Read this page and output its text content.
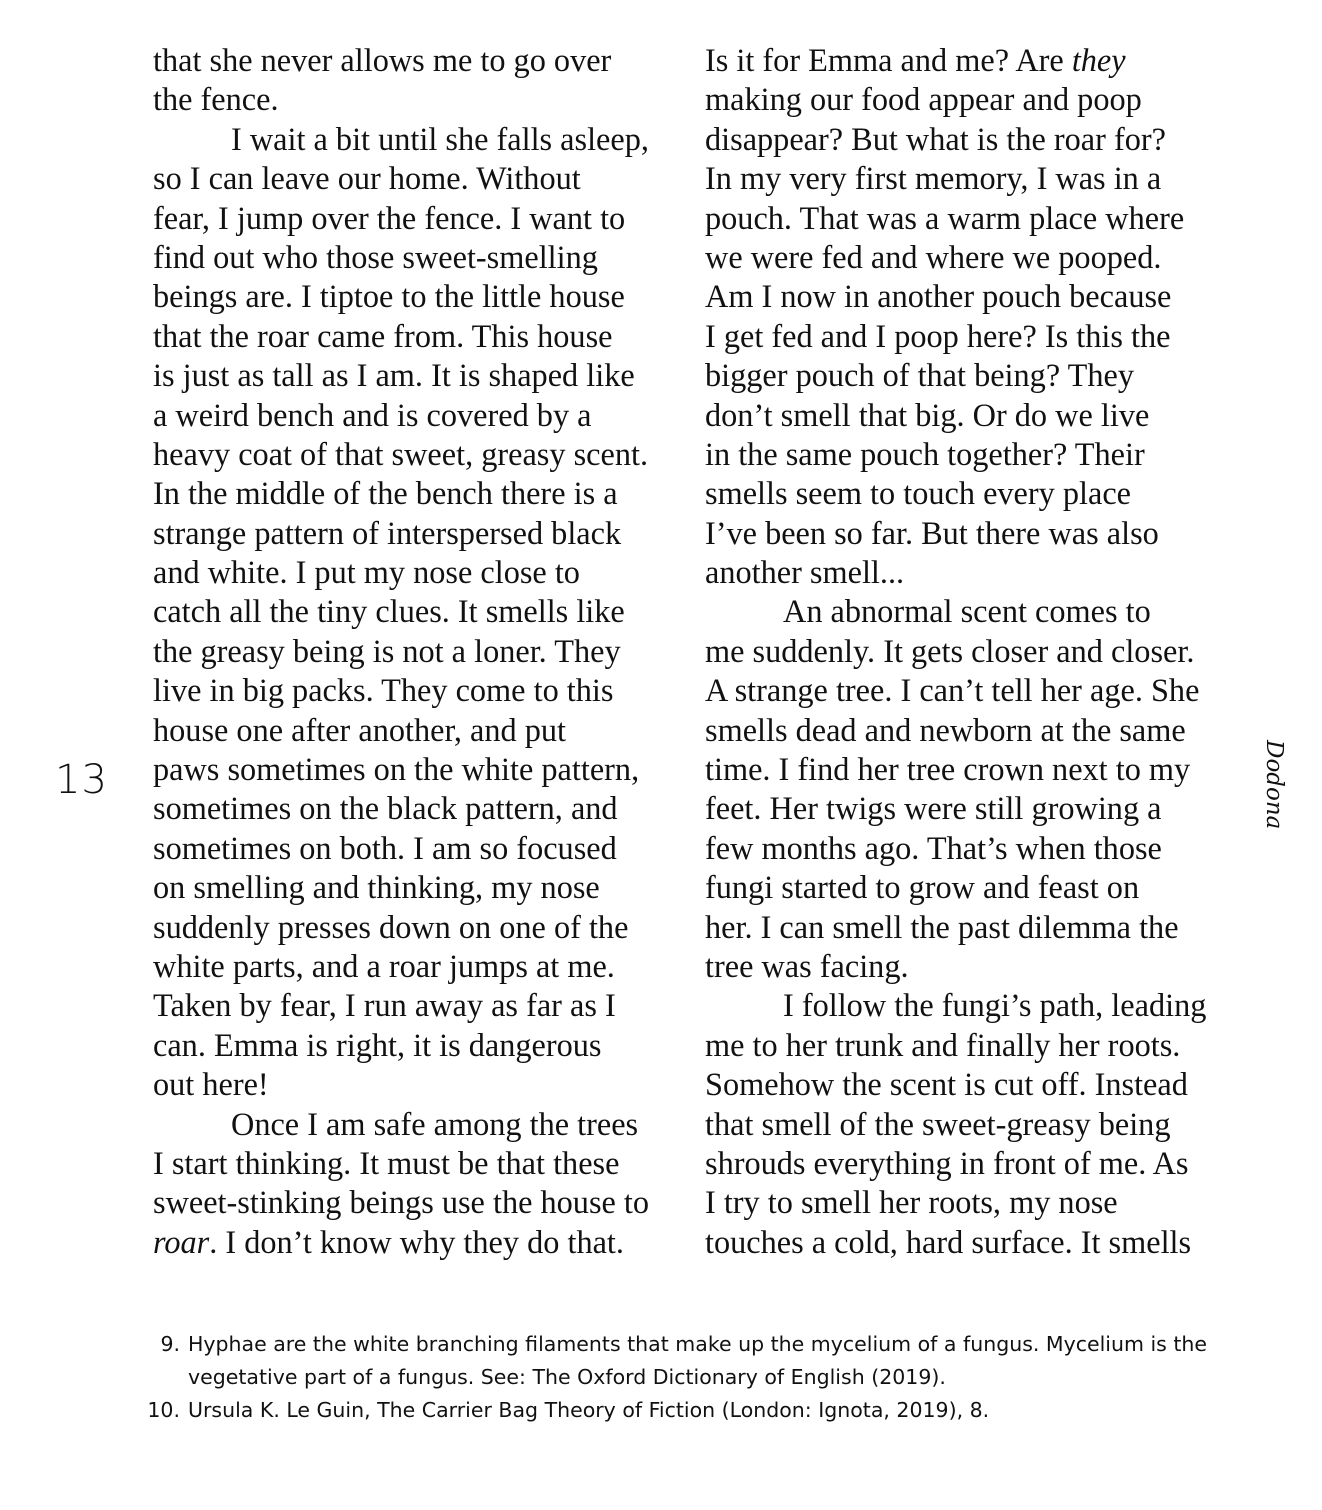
13	Dodona
that she never allows me to go over
the fence.
I wait a bit until she falls asleep,
so I can leave our home. Without
fear, I jump over the fence. I want to
find out who those sweet-smelling
beings are. I tiptoe to the little house
that the roar came from. This house
is just as tall as I am. It is shaped like
a weird bench and is covered by a
heavy coat of that sweet, greasy scent.
In the middle of the bench there is a
strange pattern of interspersed black
and white. I put my nose close to
catch all the tiny clues. It smells like
the greasy being is not a loner. They
live in big packs. They come to this
house one after another, and put
paws sometimes on the white pattern,
sometimes on the black pattern, and
sometimes on both. I am so focused
on smelling and thinking, my nose
suddenly presses down on one of the
white parts, and a roar jumps at me.
Taken by fear, I run away as far as I
can. Emma is right, it is dangerous
out here!
Once I am safe among the trees
I start thinking. It must be that these
sweet-stinking beings use the house to
roar. I don’t know why they do that.
Is it for Emma and me? Are they
making our food appear and poop
disappear? But what is the roar for?
In my very first memory, I was in a
pouch. That was a warm place where
we were fed and where we pooped.
Am I now in another pouch because
I get fed and I poop here? Is this the
bigger pouch of that being? They
don’t smell that big. Or do we live
in the same pouch together? Their
smells seem to touch every place
I’ve been so far. But there was also
another smell...
An abnormal scent comes to
me suddenly. It gets closer and closer.
A strange tree. I can’t tell her age. She
smells dead and newborn at the same
time. I find her tree crown next to my
feet. Her twigs were still growing a
few months ago. That’s when those
fungi started to grow and feast on
her. I can smell the past dilemma the
tree was facing.
I follow the fungi’s path, leading
me to her trunk and finally her roots.
Somehow the scent is cut off. Instead
that smell of the sweet-greasy being
shrouds everything in front of me. As
I try to smell her roots, my nose
touches a cold, hard surface. It smells
9. Hyphae are the white branching filaments that make up the mycelium of a fungus. Mycelium is the
vegetative part of a fungus. See: The Oxford Dictionary of English (2019).
10. Ursula K. Le Guin, The Carrier Bag Theory of Fiction (London: Ignota, 2019), 8.
